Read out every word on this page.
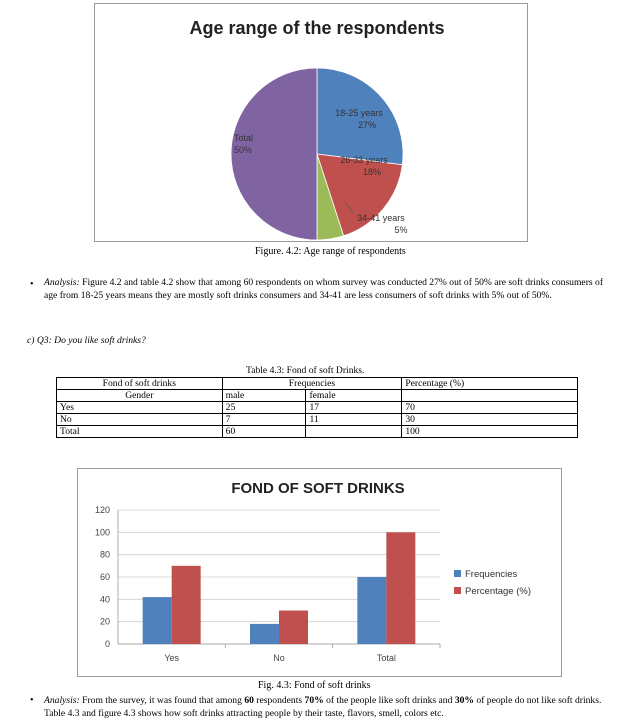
Age range of the respondents
18-25 years
27%
26-33 years
18%
34-41 years
5%
Total
50%
Figure. 4.2: Age range of respondents
• Analysis: Figure 4.2 and table 4.2 show that among 60 respondents on whom survey was conducted 27% out of 50% are soft drinks consumers of age from 18-25 years means they are mostly soft drinks consumers and 34-41 are less consumers of soft drinks with 5% out of 50%.
c) Q3: Do you like soft drinks?
Table 4.3: Fond of soft Drinks.
Fond of soft drinks	Frequencies		Percentage (%)
Gender	male	female	
Yes	25	17	70
No	7	11	30
Total	60		100
FOND OF SOFT DRINKS
120
100
80
60
40
20
0
Yes	No	Total
Frequencies
Percentage (%)
Fig. 4.3: Fond of soft drinks
• Analysis: From the survey, it was found that among 60 respondents 70% of the people like soft drinks and 30% of people do not like soft drinks. Table 4.3 and figure 4.3 shows how soft drinks attracting people by their taste, flavors, smell, colors etc.
